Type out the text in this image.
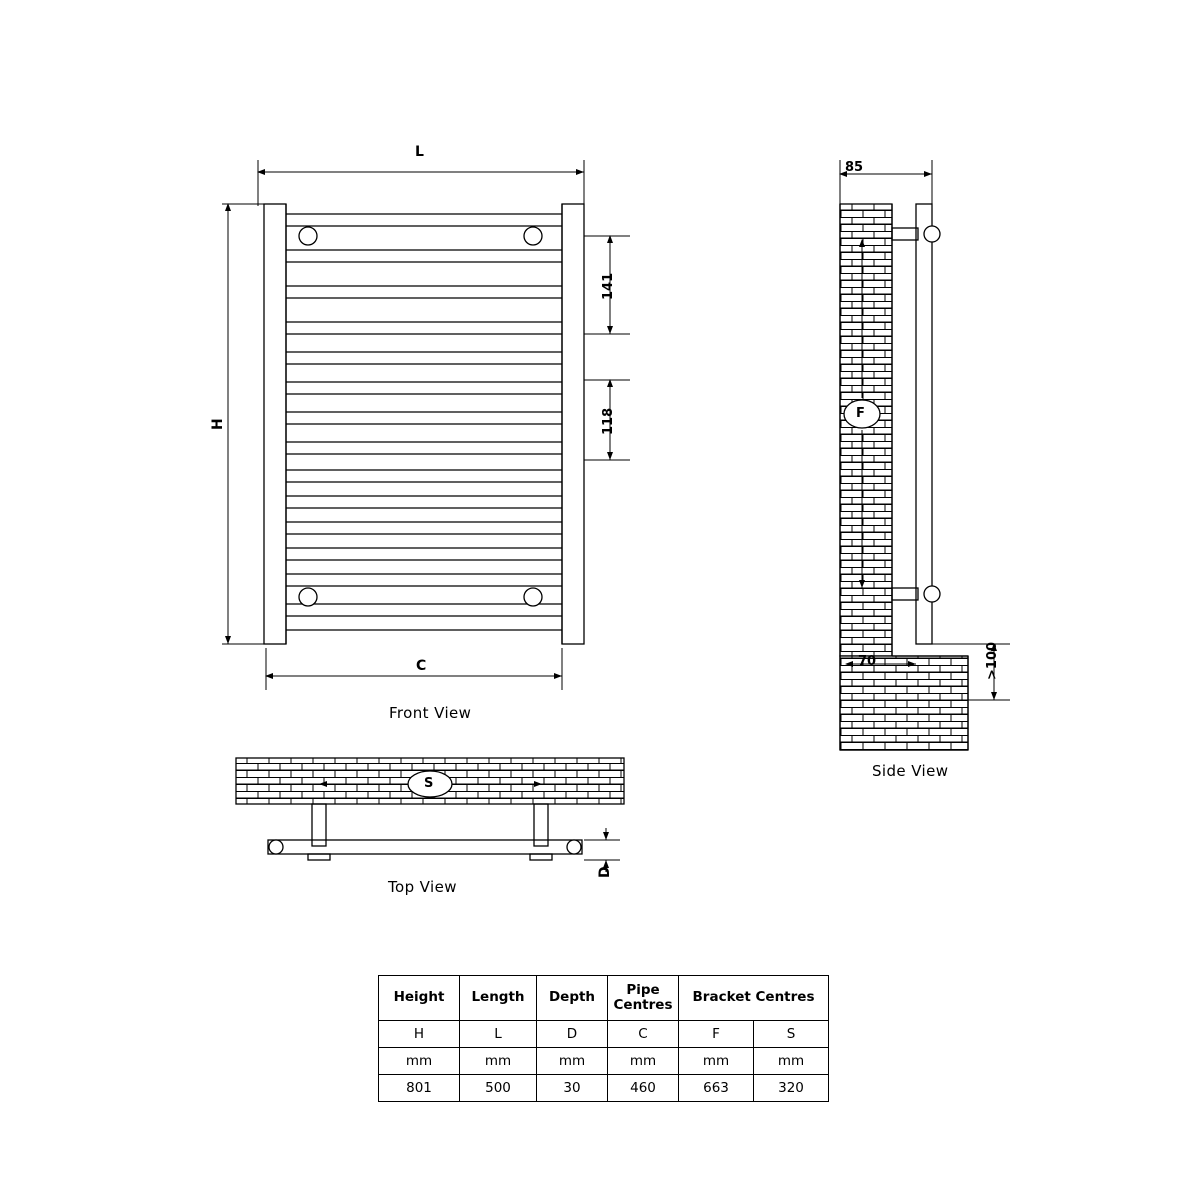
L
H
C
141
118
Front View
85
70	>100
F
Side View
S
D
Top View
Height	Length	Depth	Pipe Centres	Bracket Centres	
H	L	D	C	F	S
mm	mm	mm	mm	mm	mm
801	500	30	460	663	320
